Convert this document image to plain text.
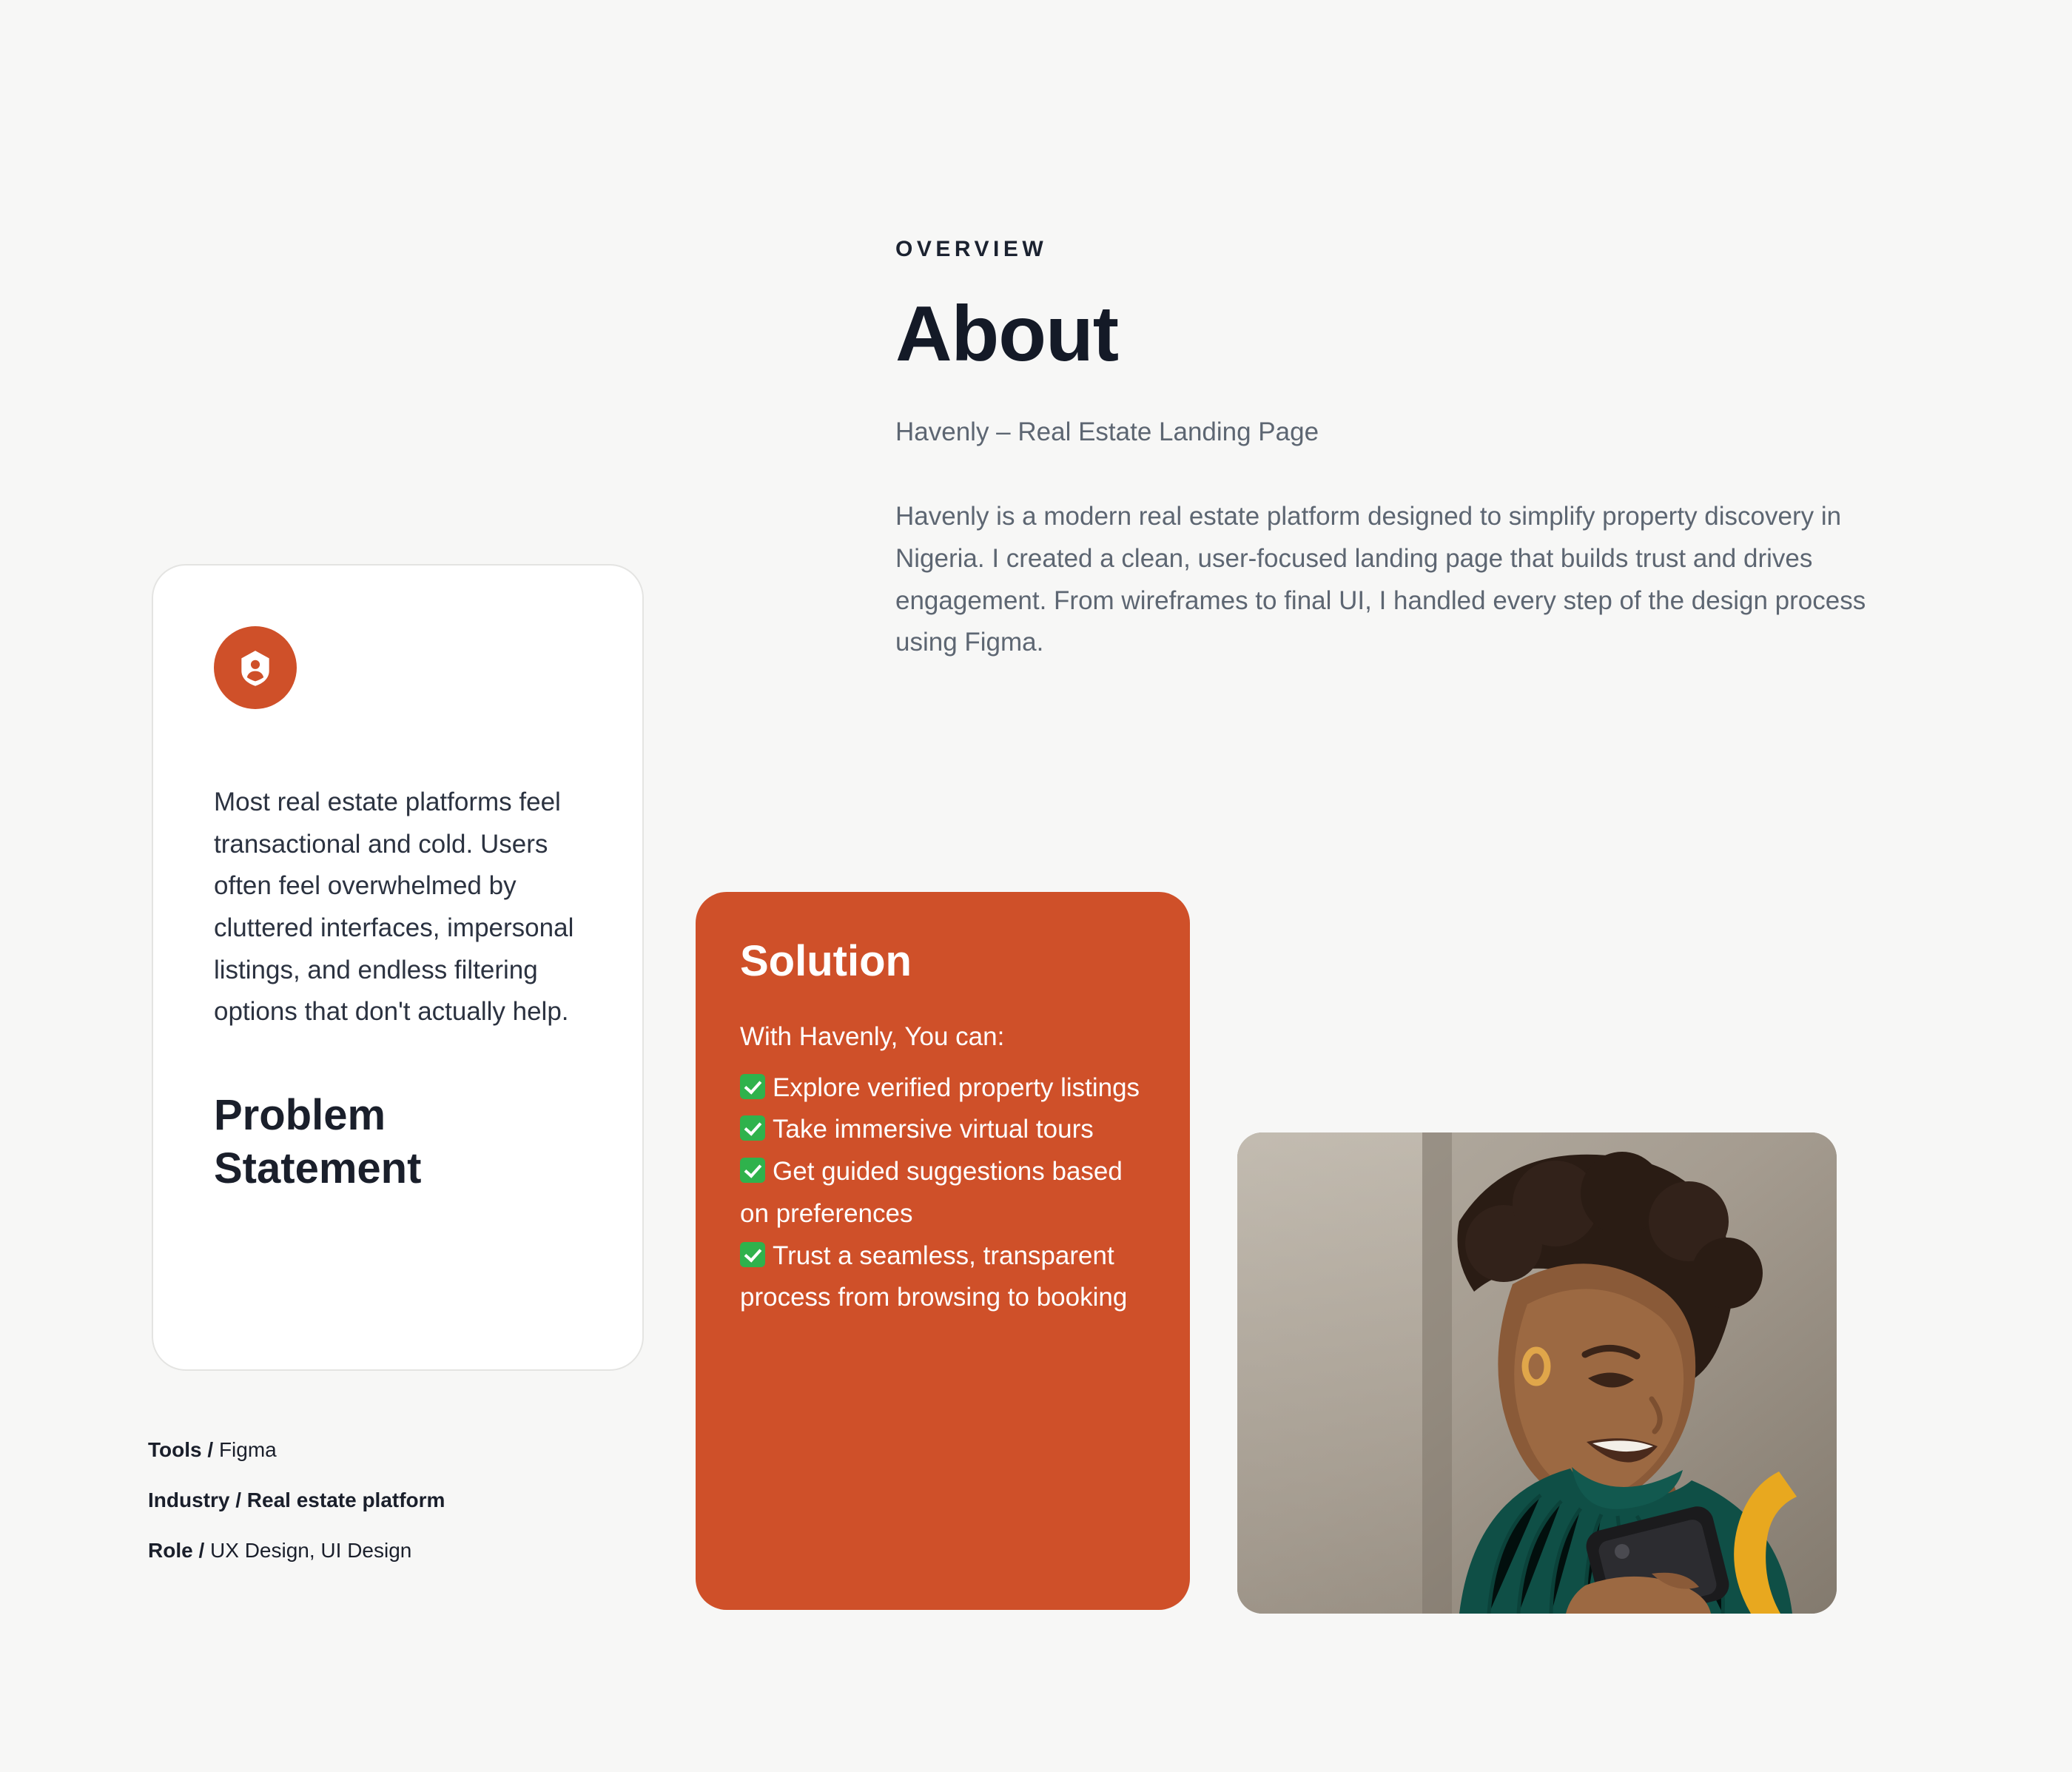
OVERVIEW
About
Havenly – Real Estate Landing Page

Havenly is a modern real estate platform designed to simplify property discovery in Nigeria. I created a clean, user-focused landing page that builds trust and drives engagement. From wireframes to final UI, I handled every step of the design process using Figma.

Problem Statement

Most real estate platforms feel transactional and cold. Users often feel overwhelmed by cluttered interfaces, impersonal listings, and endless filtering options that don't actually help.

Tools / Figma
Industry / Real estate platform
Role / UX Design, UI Design
Solution
With Havenly, You can:
Explore verified property listings
Take immersive virtual tours
Get guided suggestions based on preferences
Trust a seamless, transparent process from browsing to booking
